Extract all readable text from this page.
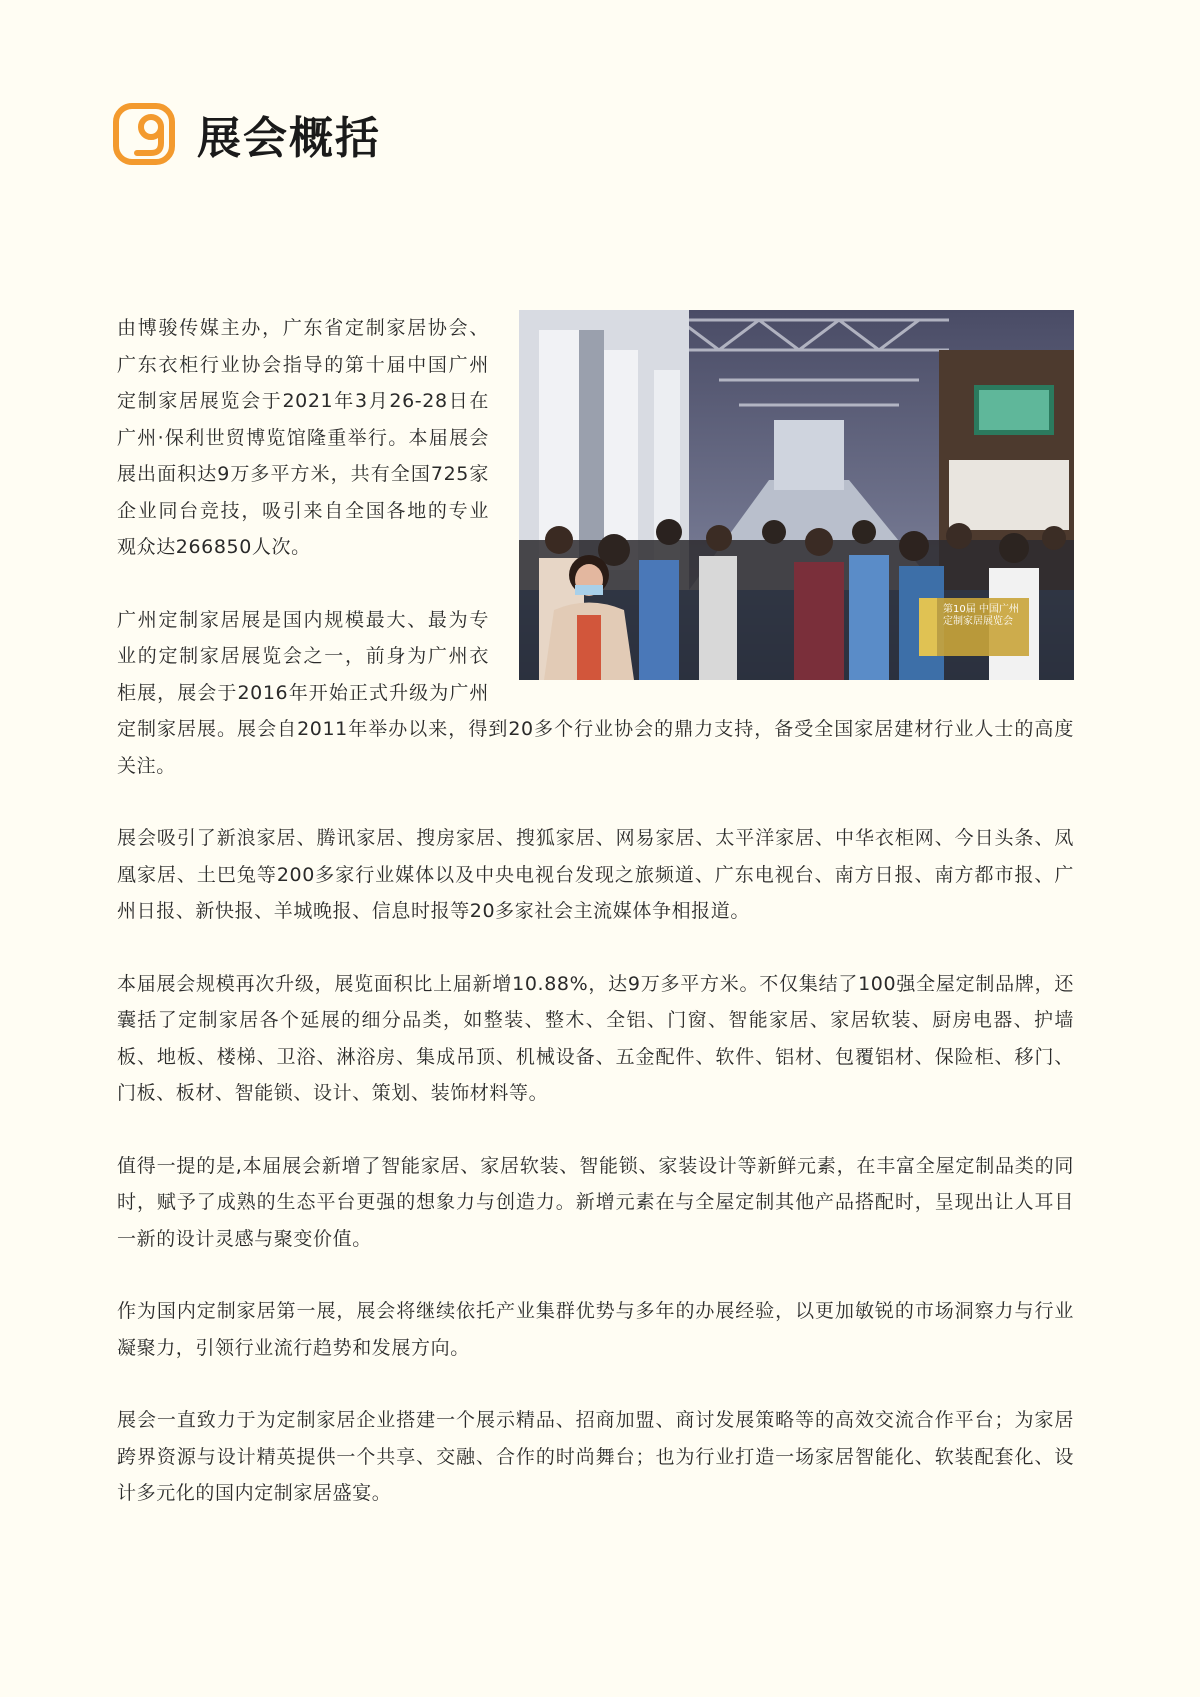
展会概括
第10届 中国广州定制家居展览会

由博骏传媒主办，广东省定制家居协会、广东衣柜行业协会指导的第十届中国广州定制家居展览会于2021年3月26-28日在广州·保利世贸博览馆隆重举行。本届展会展出面积达9万多平方米，共有全国725家企业同台竞技，吸引来自全国各地的专业观众达266850人次。

广州定制家居展是国内规模最大、最为专业的定制家居展览会之一，前身为广州衣柜展，展会于2016年开始正式升级为广州定制家居展。展会自2011年举办以来，得到20多个行业协会的鼎力支持，备受全国家居建材行业人士的高度关注。

展会吸引了新浪家居、腾讯家居、搜房家居、搜狐家居、网易家居、太平洋家居、中华衣柜网、今日头条、凤凰家居、土巴兔等200多家行业媒体以及中央电视台发现之旅频道、广东电视台、南方日报、南方都市报、广州日报、新快报、羊城晚报、信息时报等20多家社会主流媒体争相报道。

本届展会规模再次升级，展览面积比上届新增10.88%，达9万多平方米。不仅集结了100强全屋定制品牌，还囊括了定制家居各个延展的细分品类，如整装、整木、全铝、门窗、智能家居、家居软装、厨房电器、护墙板、地板、楼梯、卫浴、淋浴房、集成吊顶、机械设备、五金配件、软件、铝材、包覆铝材、保险柜、移门、门板、板材、智能锁、设计、策划、装饰材料等。

值得一提的是,本届展会新增了智能家居、家居软装、智能锁、家装设计等新鲜元素，在丰富全屋定制品类的同时，赋予了成熟的生态平台更强的想象力与创造力。新增元素在与全屋定制其他产品搭配时，呈现出让人耳目一新的设计灵感与聚变价值。

作为国内定制家居第一展，展会将继续依托产业集群优势与多年的办展经验，以更加敏锐的市场洞察力与行业凝聚力，引领行业流行趋势和发展方向。

展会一直致力于为定制家居企业搭建一个展示精品、招商加盟、商讨发展策略等的高效交流合作平台；为家居跨界资源与设计精英提供一个共享、交融、合作的时尚舞台；也为行业打造一场家居智能化、软装配套化、设计多元化的国内定制家居盛宴。
